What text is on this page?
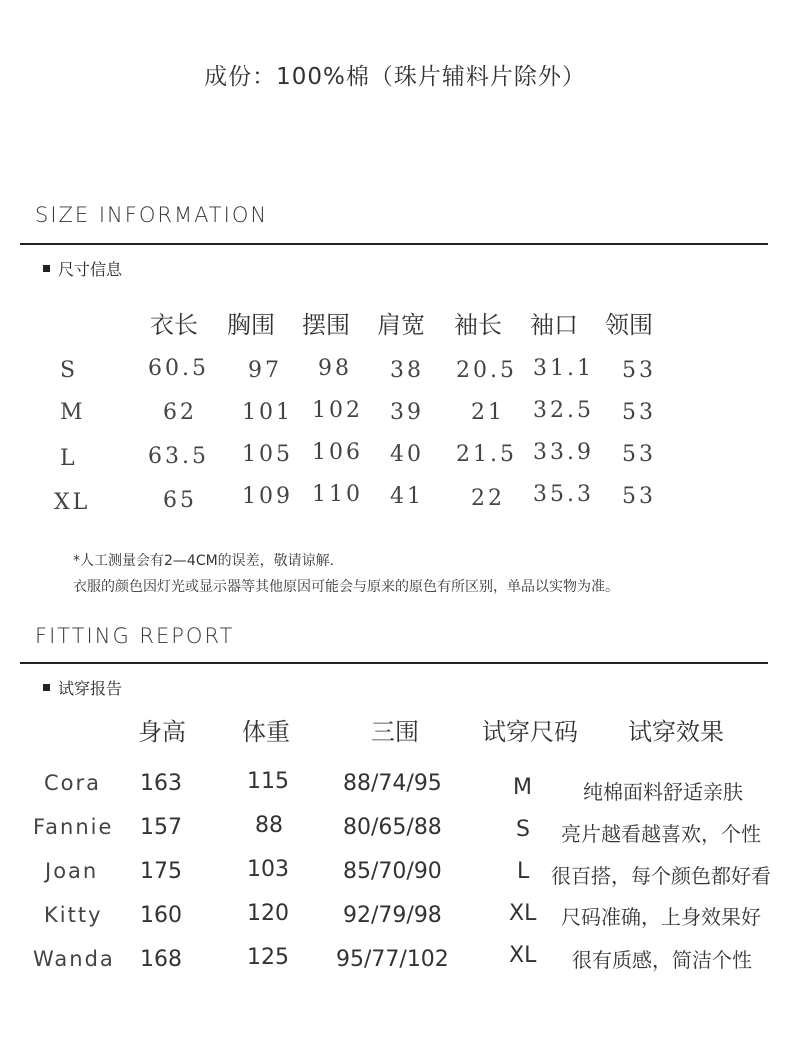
成份：100%棉（珠片辅料片除外）
SIZE INFORMATION
尺寸信息
衣长 胸围 摆围 肩宽 袖长 袖口 领围
S	60.5 97 98 38 20.5 31.1 53
M	62 101 102 39 21 32.5 53
L	63.5 105 106 40 21.5 33.9 53
XL	65 109 110 41 22 35.3 53
*人工测量会有2—4CM的误差，敬请谅解.
衣服的颜色因灯光或显示器等其他原因可能会与原来的原色有所区别，单品以实物为准。
FITTING REPORT
试穿报告
身高 体重	三围	试穿尺码 试穿效果
Cora 163	115 88/74/95	M	纯棉面料舒适亲肤
Fannie 157	88	80/65/88	S 亮片越看越喜欢，个性
Joan 175	103 85/70/90	L 很百搭，每个颜色都好看
Kitty 160	120 92/79/98	XL 尺码准确，上身效果好
Wanda 168	125 95/77/102	XL 很有质感，简洁个性
